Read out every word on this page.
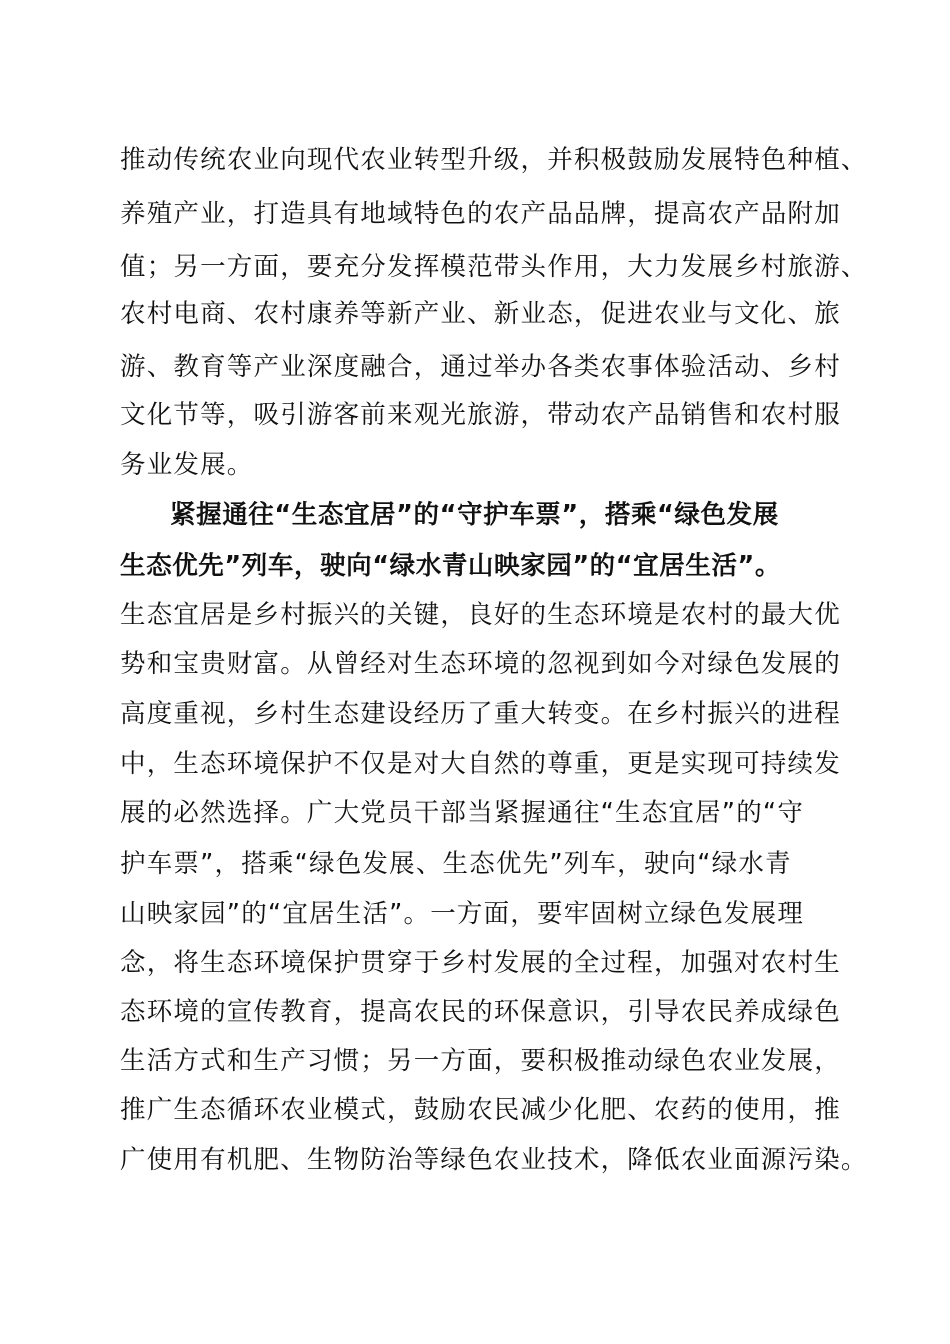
推动传统农业向现代农业转型升级，并积极鼓励发展特色种植、
养殖产业，打造具有地域特色的农产品品牌，提高农产品附加
值；另一方面，要充分发挥模范带头作用，大力发展乡村旅游、
农村电商、农村康养等新产业、新业态，促进农业与文化、旅
游、教育等产业深度融合，通过举办各类农事体验活动、乡村
文化节等，吸引游客前来观光旅游，带动农产品销售和农村服
务业发展。
紧握通往“生态宜居”的“守护车票”，搭乘“绿色发展
生态优先”列车，驶向“绿水青山映家园”的“宜居生活”。
生态宜居是乡村振兴的关键，良好的生态环境是农村的最大优
势和宝贵财富。从曾经对生态环境的忽视到如今对绿色发展的
高度重视，乡村生态建设经历了重大转变。在乡村振兴的进程
中，生态环境保护不仅是对大自然的尊重，更是实现可持续发
展的必然选择。广大党员干部当紧握通往“生态宜居”的“守
护车票”，搭乘“绿色发展、生态优先”列车，驶向“绿水青
山映家园”的“宜居生活”。一方面，要牢固树立绿色发展理
念，将生态环境保护贯穿于乡村发展的全过程，加强对农村生
态环境的宣传教育，提高农民的环保意识，引导农民养成绿色
生活方式和生产习惯；另一方面，要积极推动绿色农业发展，
推广生态循环农业模式，鼓励农民减少化肥、农药的使用，推
广使用有机肥、生物防治等绿色农业技术，降低农业面源污染。
